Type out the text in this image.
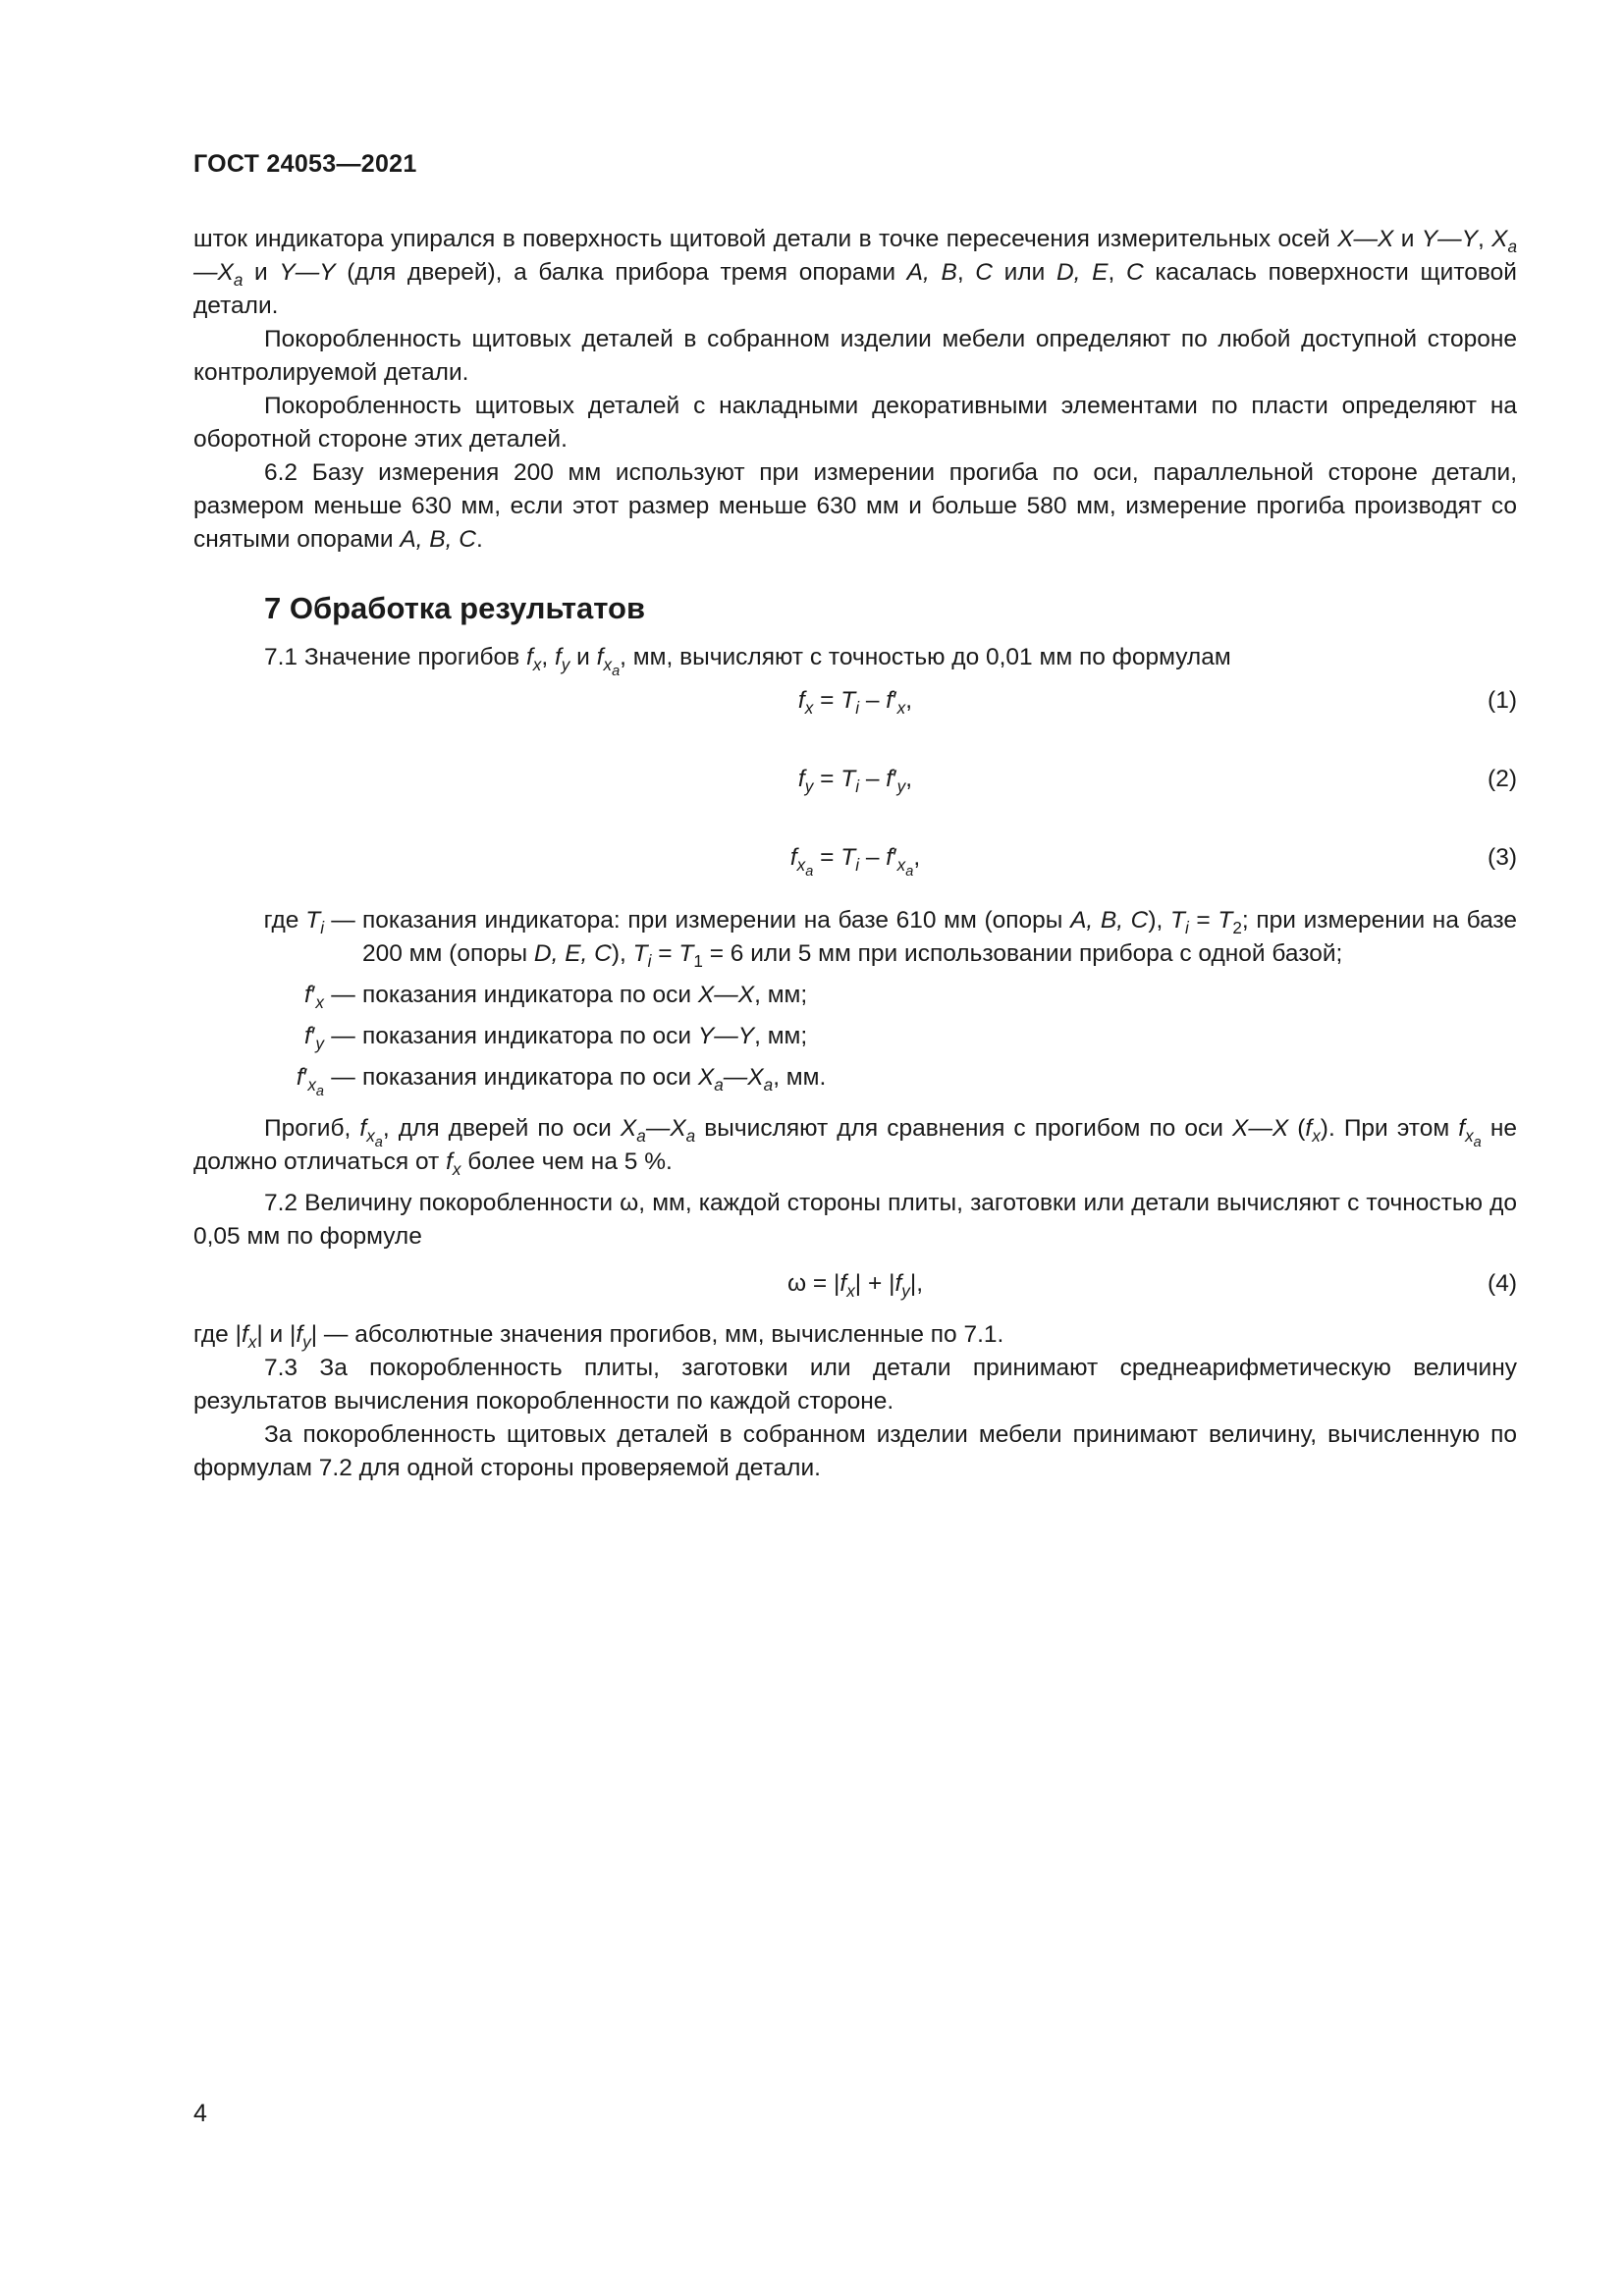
ГОСТ 24053—2021

шток индикатора упирался в поверхность щитовой детали в точке пересечения измерительных осей X—X и Y—Y, $X_a—X_a$ и Y—Y (для дверей), а балка прибора тремя опорами A, B, C или D, E, C касалась поверхности щитовой детали.

Покоробленность щитовых деталей в собранном изделии мебели определяют по любой доступной стороне контролируемой детали.

Покоробленность щитовых деталей с накладными декоративными элементами по пласти определяют на оборотной стороне этих деталей.

6.2 Базу измерения 200 мм используют при измерении прогиба по оси, параллельной стороне детали, размером меньше 630 мм, если этот размер меньше 630 мм и больше 580 мм, измерение прогиба производят со снятыми опорами A, B, C.

7 Обработка результатов

7.1 Значение прогибов $f_x$, $f_y$ и $f_{x_a}$, мм, вычисляют с точностью до 0,01 мм по формулам

$f_x = T_i - f'_x$,	(1)
$f_y = T_i - f'_y$,	(2)
$f_{x_a} = T_i - f'_{x_a}$,	(3)
где $T_i$ — показания индикатора: при измерении на базе 610 мм (опоры A, B, C), $T_i = T_2$; при измерении на базе 200 мм (опоры D, E, C), $T_i = T_1 = 6$ или 5 мм при использовании прибора с одной базой;
$f'_x$ — показания индикатора по оси X—X, мм;
$f'_y$ — показания индикатора по оси Y—Y, мм;
$f'_{x_a}$
— показания индикатора по оси $X_a—X_a$, мм.

Прогиб, $f_{x_a}$, для дверей по оси $X_a—X_a$ вычисляют для сравнения с прогибом по оси X—X $(f_x)$. При этом $f_{x_a}$ не должно отличаться от $f_x$ более чем на 5 %.

7.2 Величину покоробленности ω, мм, каждой стороны плиты, заготовки или детали вычисляют с точностью до 0,05 мм по формуле

$\omega = |f_x| + |f_y|$,	(4)

где $|f_x|$ и $|f_y|$ — абсолютные значения прогибов, мм, вычисленные по 7.1.

7.3 За покоробленность плиты, заготовки или детали принимают среднеарифметическую величину результатов вычисления покоробленности по каждой стороне.

За покоробленность щитовых деталей в собранном изделии мебели принимают величину, вычисленную по формулам 7.2 для одной стороны проверяемой детали.

4
